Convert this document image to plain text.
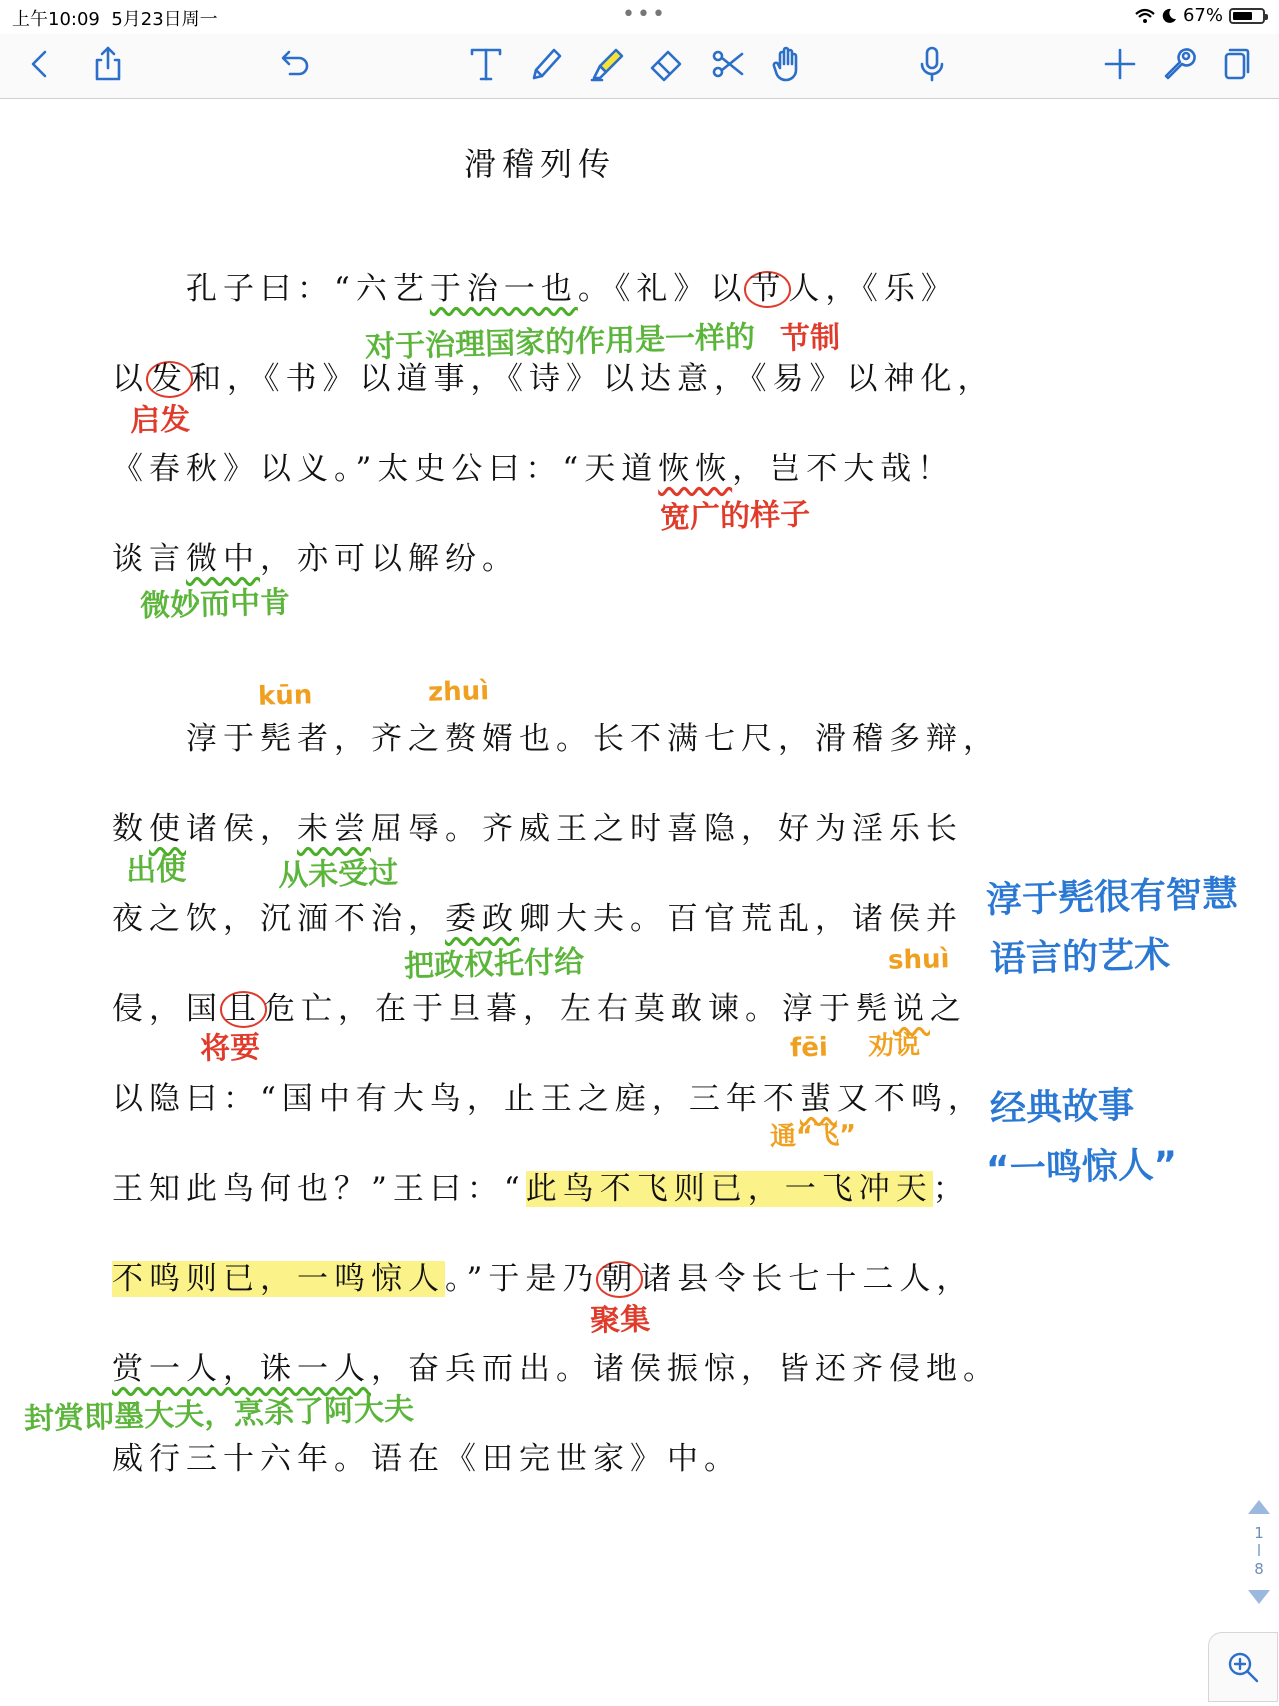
上午10:09 5月23日周一	•••	67%
滑稽列传
孔子曰：“六艺于治一也。《礼》以节人，《乐》
对于治理国家的作用是一样的 节制
以发和，《书》以道事，《诗》以达意，《易》以神化，
启发
《春秋》以义。”太史公曰：“天道恢恢，岂不大哉！
宽广的样子
谈言微中，亦可以解纷。
微妙而中肯
kūn	zhuì
淳于髡者，齐之赘婿也。长不满七尺，滑稽多辩，
数使诸侯，未尝屈辱。齐威王之时喜隐，好为淫乐长
出使	从未受过
夜之饮，沉湎不治，委政卿大夫。百官荒乱，诸侯并
把政权托付给	shuì
侵，国且危亡，在于旦暮，左右莫敢谏。淳于髡说之
将要	劝说
fēi
以隐曰：“国中有大鸟，止王之庭，三年不蜚又不鸣，
通“飞”
王知此鸟何也？”王曰：“此鸟不飞则已，一飞冲天；
不鸣则已，一鸣惊人。”于是乃朝诸县令长七十二人，
聚集
赏一人，诛一人，奋兵而出。诸侯振惊，皆还齐侵地。
封赏即墨大夫，烹杀了阿大夫
威行三十六年。语在《田完世家》中。
淳于髡很有智慧
语言的艺术
经典故事
“一鸣惊人”
1
8
